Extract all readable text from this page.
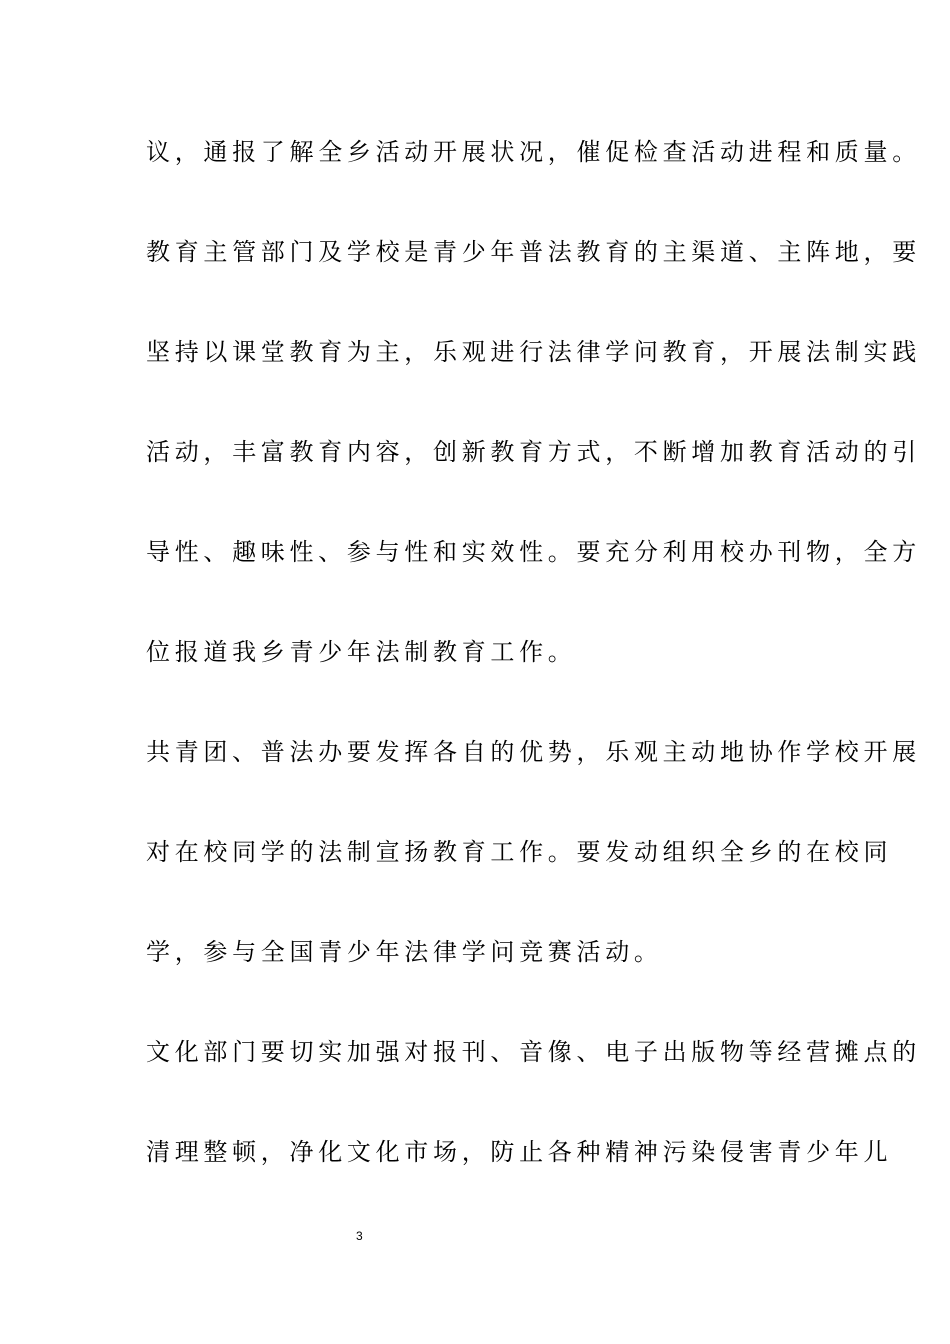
议，通报了解全乡活动开展状况，催促检查活动进程和质量。
教育主管部门及学校是青少年普法教育的主渠道、主阵地，要
坚持以课堂教育为主，乐观进行法律学问教育，开展法制实践
活动，丰富教育内容，创新教育方式，不断增加教育活动的引
导性、趣味性、参与性和实效性。要充分利用校办刊物，全方
位报道我乡青少年法制教育工作。
共青团、普法办要发挥各自的优势，乐观主动地协作学校开展
对在校同学的法制宣扬教育工作。要发动组织全乡的在校同
学，参与全国青少年法律学问竞赛活动。
文化部门要切实加强对报刊、音像、电子出版物等经营摊点的
清理整顿，净化文化市场，防止各种精神污染侵害青少年儿
3
